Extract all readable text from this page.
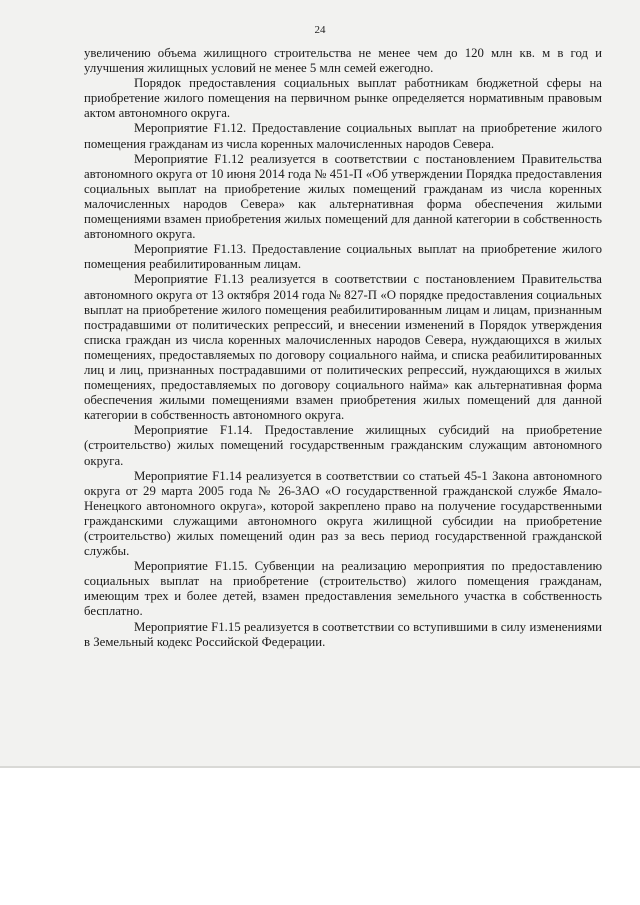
24

увеличению объема жилищного строительства не менее чем до 120 млн кв. м в год и улучшения жилищных условий не менее 5 млн семей ежегодно.

Порядок предоставления социальных выплат работникам бюджетной сферы на приобретение жилого помещения на первичном рынке определяется нормативным правовым актом автономного округа.

Мероприятие F1.12. Предоставление социальных выплат на приобретение жилого помещения гражданам из числа коренных малочисленных народов Севера.

Мероприятие F1.12 реализуется в соответствии с постановлением Правительства автономного округа от 10 июня 2014 года № 451-П «Об утверждении Порядка предоставления социальных выплат на приобретение жилых помещений гражданам из числа коренных малочисленных народов Севера» как альтернативная форма обеспечения жилыми помещениями взамен приобретения жилых помещений для данной категории в собственность автономного округа.

Мероприятие F1.13. Предоставление социальных выплат на приобретение жилого помещения реабилитированным лицам.

Мероприятие F1.13 реализуется в соответствии с постановлением Правительства автономного округа от 13 октября 2014 года № 827-П «О порядке предоставления социальных выплат на приобретение жилого помещения реабилитированным лицам и лицам, признанным пострадавшими от политических репрессий, и внесении изменений в Порядок утверждения списка граждан из числа коренных малочисленных народов Севера, нуждающихся в жилых помещениях, предоставляемых по договору социального найма, и списка реабилитированных лиц и лиц, признанных пострадавшими от политических репрессий, нуждающихся в жилых помещениях, предоставляемых по договору социального найма» как альтернативная форма обеспечения жилыми помещениями взамен приобретения жилых помещений для данной категории в собственность автономного округа.

Мероприятие F1.14. Предоставление жилищных субсидий на приобретение (строительство) жилых помещений государственным гражданским служащим автономного округа.

Мероприятие F1.14 реализуется в соответствии со статьей 45-1 Закона автономного округа от 29 марта 2005 года № 26-ЗАО «О государственной гражданской службе Ямало-Ненецкого автономного округа», которой закреплено право на получение государственными гражданскими служащими автономного округа жилищной субсидии на приобретение (строительство) жилых помещений один раз за весь период государственной гражданской службы.

Мероприятие F1.15. Субвенции на реализацию мероприятия по предоставлению социальных выплат на приобретение (строительство) жилого помещения гражданам, имеющим трех и более детей, взамен предоставления земельного участка в собственность бесплатно.

Мероприятие F1.15 реализуется в соответствии со вступившими в силу изменениями в Земельный кодекс Российской Федерации.
